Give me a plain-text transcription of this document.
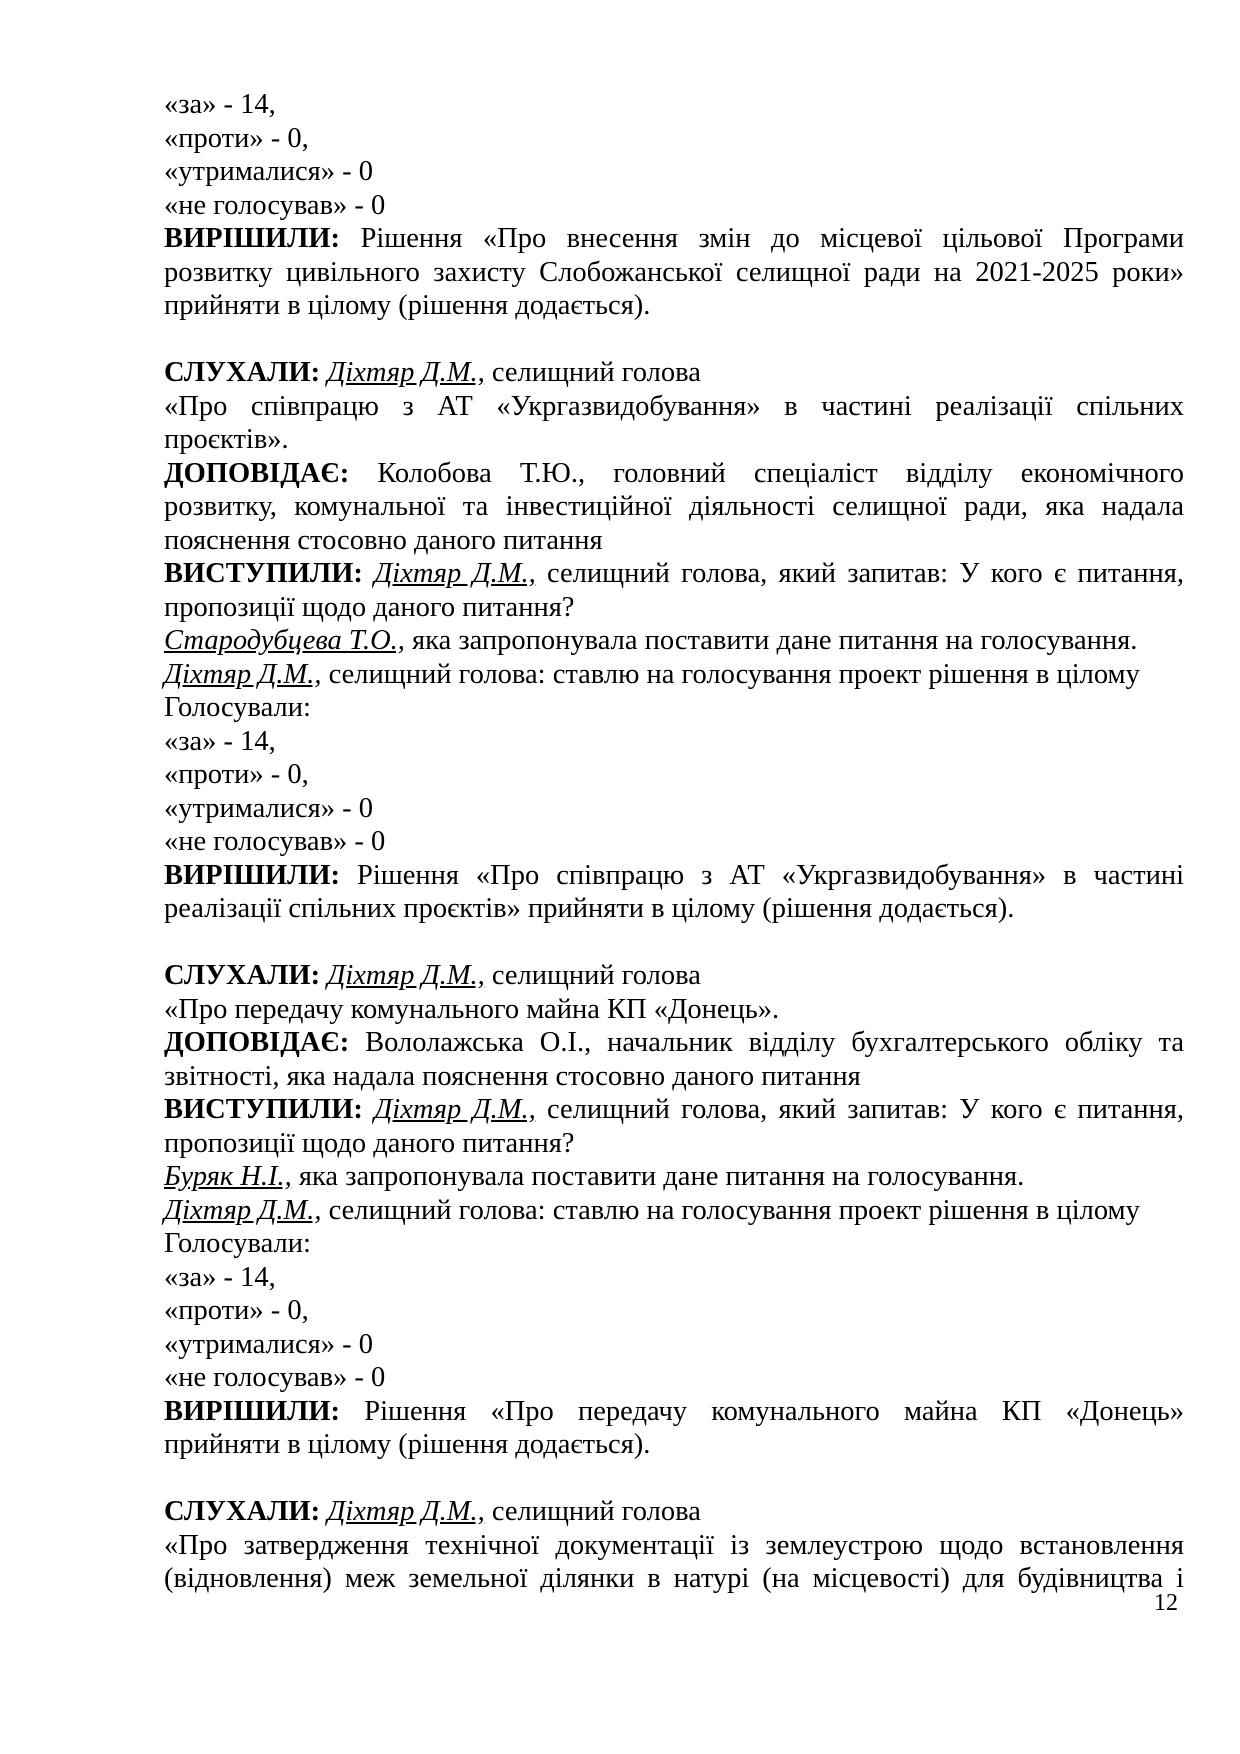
«за» - 14,
«проти» - 0,
«утрималися» - 0
«не голосував» - 0
ВИРІШИЛИ: Рішення «Про внесення змін до місцевої цільової Програми
розвитку цивільного захисту Слобожанської селищної ради на 2021-2025 роки»
прийняти в цілому (рішення додається).
СЛУХАЛИ: Діхтяр Д.М., селищний голова
«Про співпрацю з АТ «Укргазвидобування» в частині реалізації спільних
проєктів».
ДОПОВІДАЄ: Колобова Т.Ю., головний спеціаліст відділу економічного
розвитку, комунальної та інвестиційної діяльності селищної ради, яка надала
пояснення стосовно даного питання
ВИСТУПИЛИ: Діхтяр Д.М., селищний голова, який запитав: У кого є питання,
пропозиції щодо даного питання?
Стародубцева Т.О., яка запропонувала поставити дане питання на голосування.
Діхтяр Д.М., селищний голова: ставлю на голосування проект рішення в цілому
Голосували:
«за» - 14,
«проти» - 0,
«утрималися» - 0
«не голосував» - 0
ВИРІШИЛИ: Рішення «Про співпрацю з АТ «Укргазвидобування» в частині
реалізації спільних проєктів» прийняти в цілому (рішення додається).
СЛУХАЛИ: Діхтяр Д.М., селищний голова
«Про передачу комунального майна КП «Донець».
ДОПОВІДАЄ: Вололажська О.І., начальник відділу бухгалтерського обліку та
звітності, яка надала пояснення стосовно даного питання
ВИСТУПИЛИ: Діхтяр Д.М., селищний голова, який запитав: У кого є питання,
пропозиції щодо даного питання?
Буряк Н.І., яка запропонувала поставити дане питання на голосування.
Діхтяр Д.М., селищний голова: ставлю на голосування проект рішення в цілому
Голосували:
«за» - 14,
«проти» - 0,
«утрималися» - 0
«не голосував» - 0
ВИРІШИЛИ: Рішення «Про передачу комунального майна КП «Донець»
прийняти в цілому (рішення додається).
СЛУХАЛИ: Діхтяр Д.М., селищний голова
«Про затвердження технічної документації із землеустрою щодо встановлення
(відновлення) меж земельної ділянки в натурі (на місцевості) для будівництва і
12
